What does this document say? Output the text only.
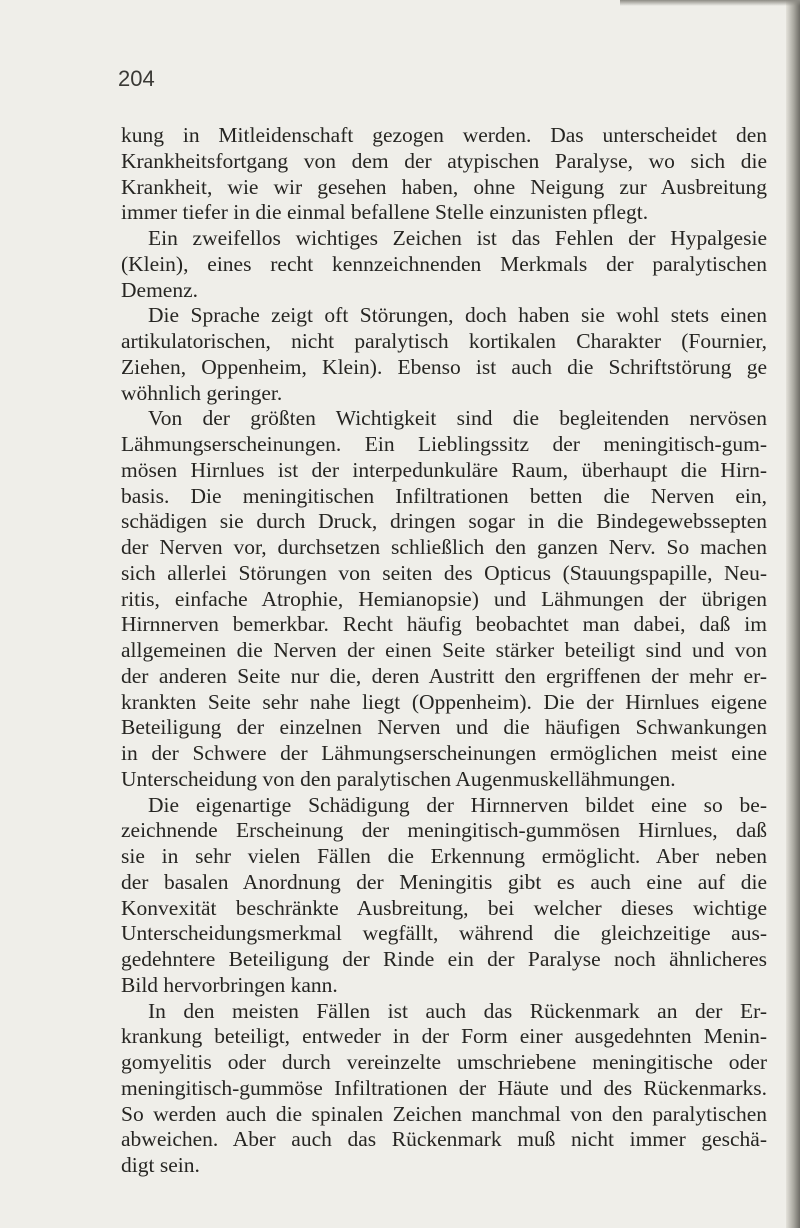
204
kung in Mitleidenschaft gezogen werden. Das unterscheidet den
Krankheitsfortgang von dem der atypischen Paralyse, wo sich die
Krankheit, wie wir gesehen haben, ohne Neigung zur Ausbreitung
immer tiefer in die einmal befallene Stelle einzunisten pflegt.
Ein zweifellos wichtiges Zeichen ist das Fehlen der Hypalgesie
(Klein), eines recht kennzeichnenden Merkmals der paralytischen
Demenz.
Die Sprache zeigt oft Störungen, doch haben sie wohl stets einen
artikulatorischen, nicht paralytisch kortikalen Charakter (Fournier,
Ziehen, Oppenheim, Klein). Ebenso ist auch die Schriftstörung ge
wöhnlich geringer.
Von der größten Wichtigkeit sind die begleitenden nervösen
Lähmungserscheinungen. Ein Lieblingssitz der meningitisch-gum-
mösen Hirnlues ist der interpedunkuläre Raum, überhaupt die Hirn-
basis. Die meningitischen Infiltrationen betten die Nerven ein,
schädigen sie durch Druck, dringen sogar in die Bindegewebssepten
der Nerven vor, durchsetzen schließlich den ganzen Nerv. So machen
sich allerlei Störungen von seiten des Opticus (Stauungspapille, Neu-
ritis, einfache Atrophie, Hemianopsie) und Lähmungen der übrigen
Hirnnerven bemerkbar. Recht häufig beobachtet man dabei, daß im
allgemeinen die Nerven der einen Seite stärker beteiligt sind und von
der anderen Seite nur die, deren Austritt den ergriffenen der mehr er-
krankten Seite sehr nahe liegt (Oppenheim). Die der Hirnlues eigene
Beteiligung der einzelnen Nerven und die häufigen Schwankungen
in der Schwere der Lähmungserscheinungen ermöglichen meist eine
Unterscheidung von den paralytischen Augenmuskellähmungen.
Die eigenartige Schädigung der Hirnnerven bildet eine so be-
zeichnende Erscheinung der meningitisch-gummösen Hirnlues, daß
sie in sehr vielen Fällen die Erkennung ermöglicht. Aber neben
der basalen Anordnung der Meningitis gibt es auch eine auf die
Konvexität beschränkte Ausbreitung, bei welcher dieses wichtige
Unterscheidungsmerkmal wegfällt, während die gleichzeitige aus-
gedehntere Beteiligung der Rinde ein der Paralyse noch ähnlicheres
Bild hervorbringen kann.
In den meisten Fällen ist auch das Rückenmark an der Er-
krankung beteiligt, entweder in der Form einer ausgedehnten Menin-
gomyelitis oder durch vereinzelte umschriebene meningitische oder
meningitisch-gummöse Infiltrationen der Häute und des Rückenmarks.
So werden auch die spinalen Zeichen manchmal von den paralytischen
abweichen. Aber auch das Rückenmark muß nicht immer geschä-
digt sein.
